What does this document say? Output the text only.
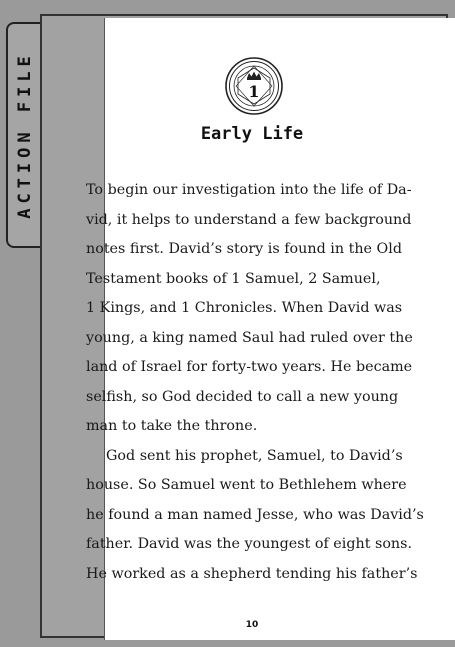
ACTION FILE	1
Early Life

To begin our investigation into the life of Da-
vid, it helps to understand a few background
notes first. David’s story is found in the Old
Testament books of 1 Samuel, 2 Samuel,
1 Kings, and 1 Chronicles. When David was
young, a king named Saul had ruled over the
land of Israel for forty-two years. He became
selfish, so God decided to call a new young
man to take the throne.

God sent his prophet, Samuel, to David’s
house. So Samuel went to Bethlehem where
he found a man named Jesse, who was David’s
father. David was the youngest of eight sons.
He worked as a shepherd tending his father’s

10
